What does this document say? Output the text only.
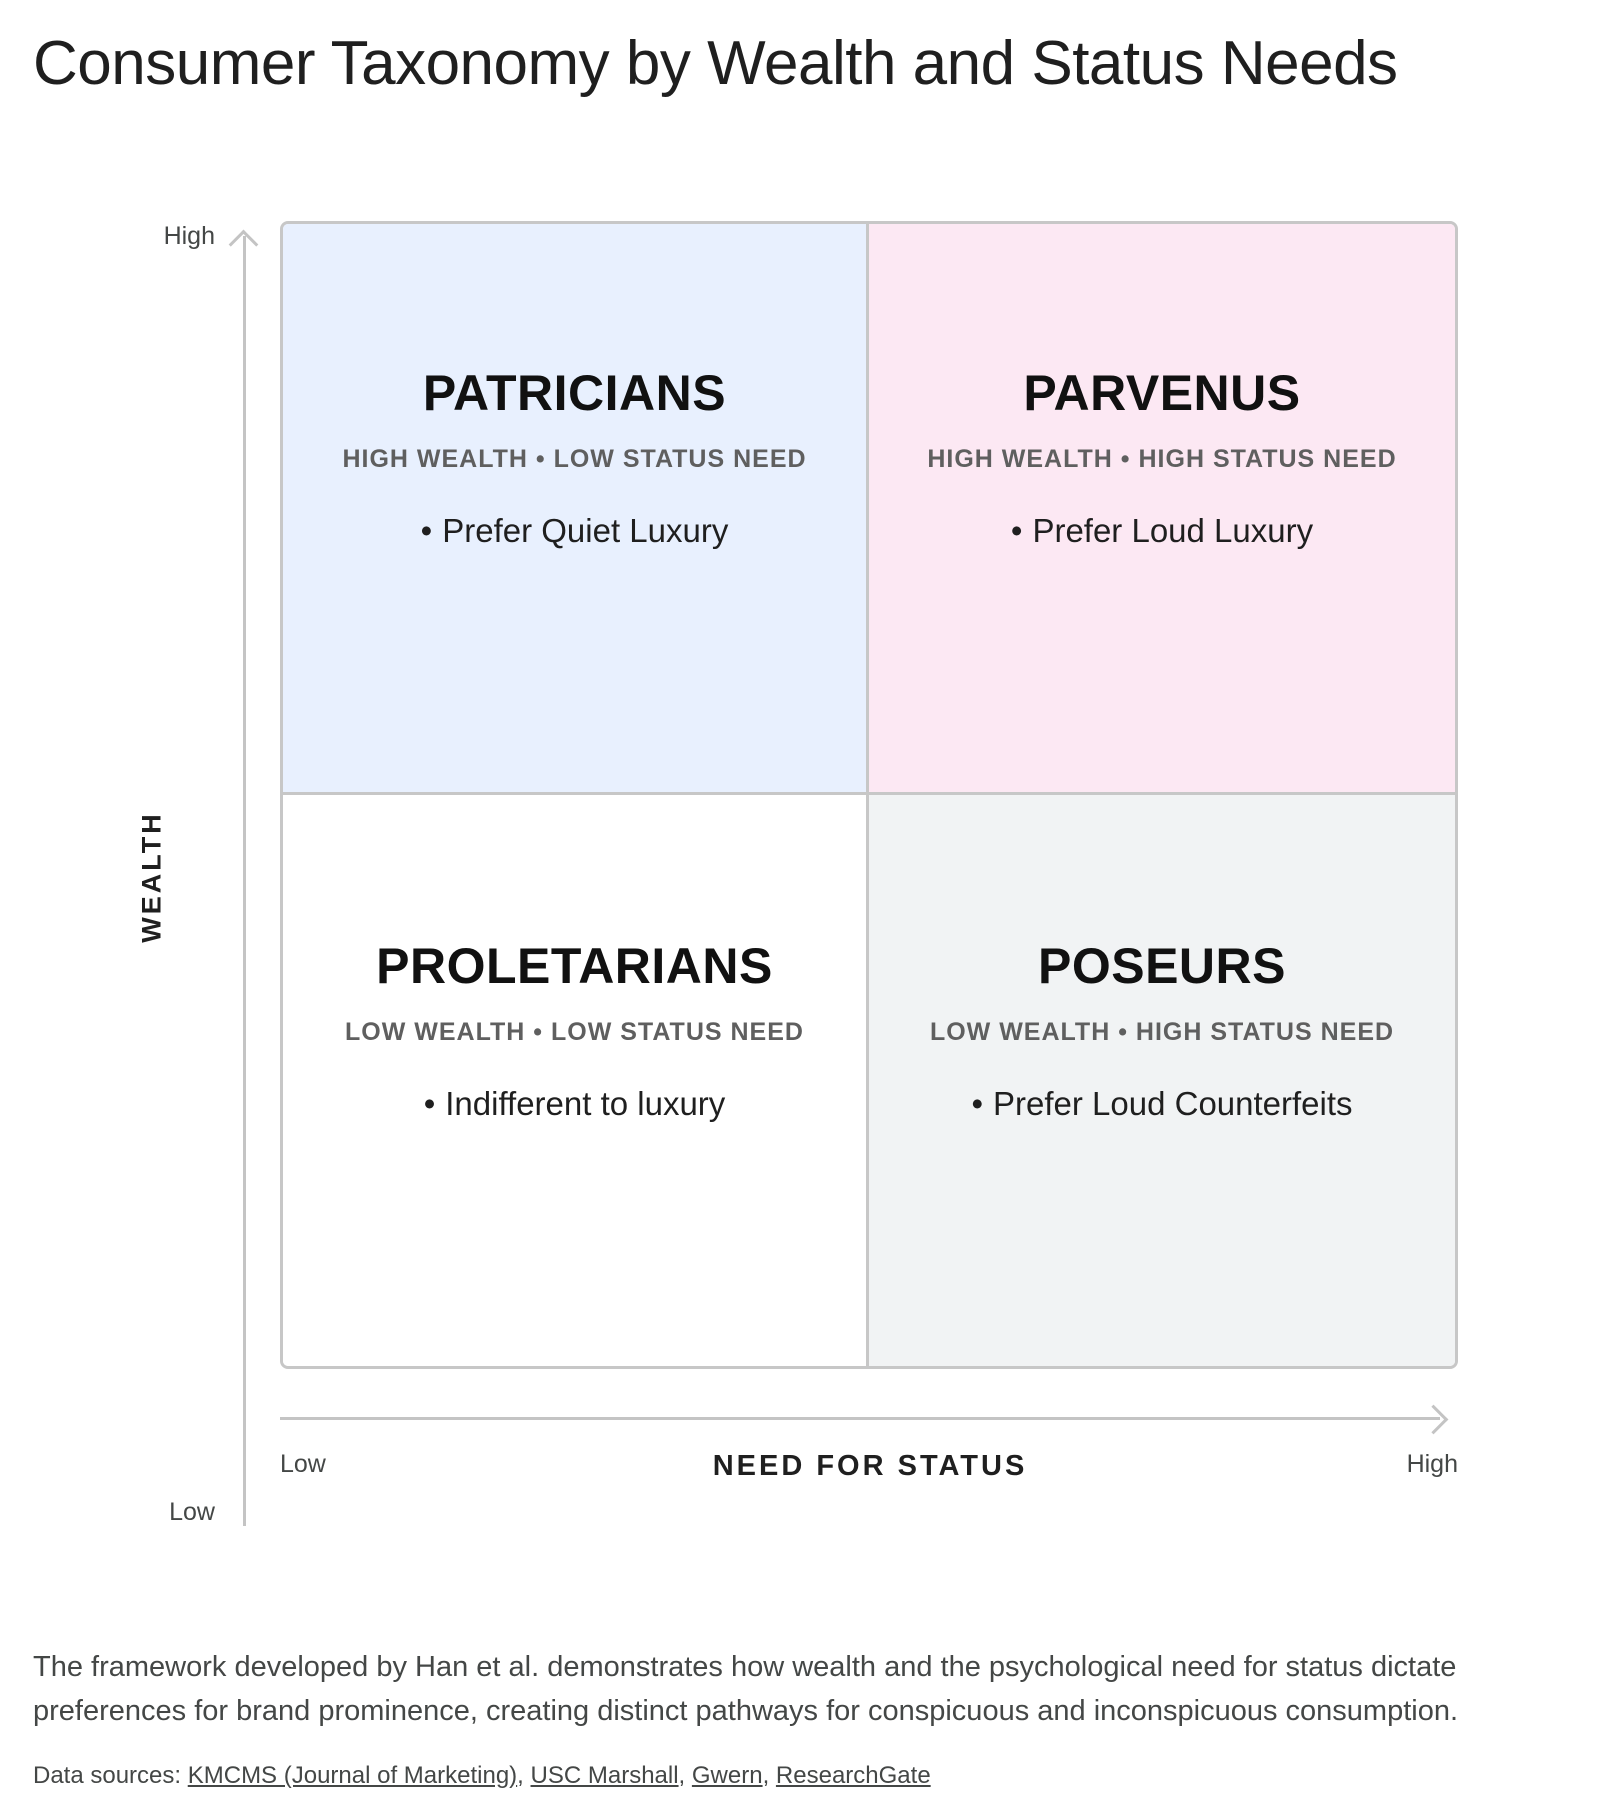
Consumer Taxonomy by Wealth and Status Needs
High
Low
WEALTH
PATRICIANS
HIGH WEALTH • LOW STATUS NEED
• Prefer Quiet Luxury
PARVENUS
HIGH WEALTH • HIGH STATUS NEED
• Prefer Loud Luxury
PROLETARIANS
LOW WEALTH • LOW STATUS NEED
• Indifferent to luxury
POSEURS
LOW WEALTH • HIGH STATUS NEED
• Prefer Loud Counterfeits
Low	NEED FOR STATUS	High
The framework developed by Han et al. demonstrates how wealth and the psychological need for status dictate preferences for brand prominence, creating distinct pathways for conspicuous and inconspicuous consumption.
Data sources: KMCMS (Journal of Marketing), USC Marshall, Gwern, ResearchGate
